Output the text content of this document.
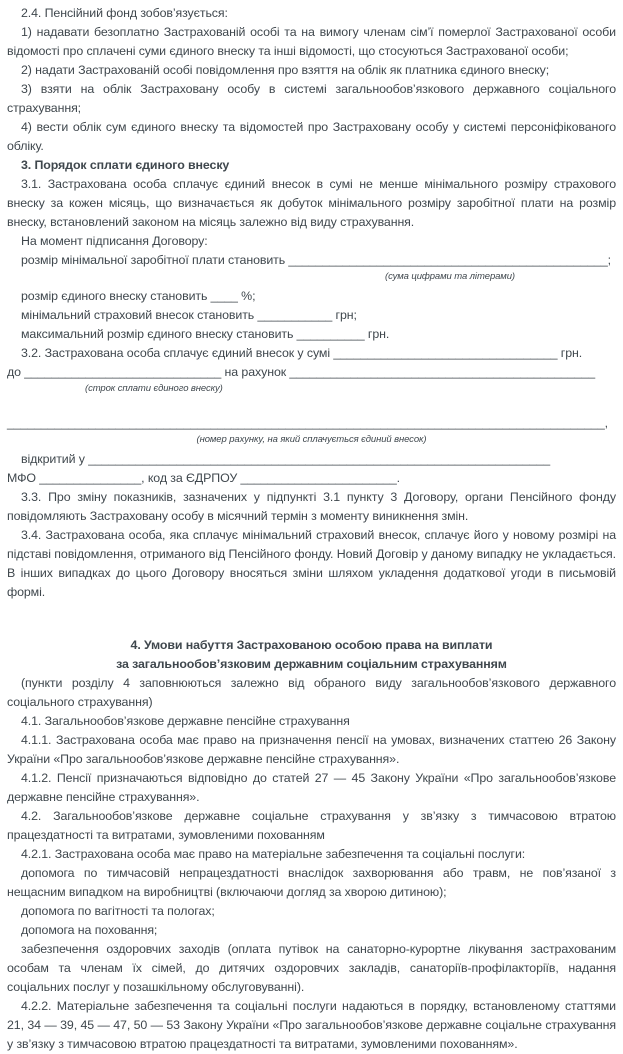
2.4. Пенсійний фонд зобов’язується:

1) надавати безоплатно Застрахованій особі та на вимогу членам сім’ї померлої Застрахованої особи відомості про сплачені суми єдиного внеску та інші відомості, що стосуються Застрахованої особи;

2) надати Застрахованій особі повідомлення про взяття на облік як платника єдиного внеску;

3) взяти на облік Застраховану особу в системі загальнообов’язкового державного соціального страхування;

4) вести облік сум єдиного внеску та відомостей про Застраховану особу у системі персоніфікованого обліку.

3. Порядок сплати єдиного внеску

3.1. Застрахована особа сплачує єдиний внесок в сумі не менше мінімального розміру страхового внеску за кожен місяць, що визначається як добуток мінімального розміру заробітної плати на розмір внеску, встановлений законом на місяць залежно від виду страхування.

На момент підписання Договору:

розмір мінімальної заробітної плати становить _______________________________________________;

(сума цифрами та літерами)

розмір єдиного внеску становить ____ %;

мінімальний страховий внесок становить ___________ грн;

максимальний розмір єдиного внеску становить __________ грн.

3.2. Застрахована особа сплачує єдиний внесок у сумі _________________________________ грн.

до _____________________________ на рахунок _____________________________________________

(строк сплати єдиного внеску)

________________________________________________________________________________________,

(номер рахунку, на який сплачується єдиний внесок)

відкритий у ____________________________________________________________________

МФО _______________, код за ЄДРПОУ _______________________.

3.3. Про зміну показників, зазначених у підпункті 3.1 пункту 3 Договору, органи Пенсійного фонду повідомляють Застраховану особу в місячний термін з моменту виникнення змін.

3.4. Застрахована особа, яка сплачує мінімальний страховий внесок, сплачує його у новому розмірі на підставі повідомлення, отриманого від Пенсійного фонду. Новий Договір у даному випадку не укладається. В інших випадках до цього Договору вносяться зміни шляхом укладення додаткової угоди в письмовій формі.

4. Умови набуття Застрахованою особою права на виплати

за загальнообов’язковим державним соціальним страхуванням

(пункти розділу 4 заповнюються залежно від обраного виду загальнообов’язкового державного соціального страхування)

4.1. Загальнообов’язкове державне пенсійне страхування

4.1.1. Застрахована особа має право на призначення пенсії на умовах, визначених статтею 26 Закону України «Про загальнообов’язкове державне пенсійне страхування».

4.1.2. Пенсії призначаються відповідно до статей 27 — 45 Закону України «Про загальнообов’язкове державне пенсійне страхування».

4.2. Загальнообов’язкове державне соціальне страхування у зв’язку з тимчасовою втратою працездатності та витратами, зумовленими похованням

4.2.1. Застрахована особа має право на матеріальне забезпечення та соціальні послуги:

допомога по тимчасовій непрацездатності внаслідок захворювання або травм, не пов’язаної з нещасним випадком на виробництві (включаючи догляд за хворою дитиною);

допомога по вагітності та пологах;

допомога на поховання;

забезпечення оздоровчих заходів (оплата путівок на санаторно-курортне лікування застрахованим особам та членам їх сімей, до дитячих оздоровчих закладів, санаторіїв-профілакторіїв, надання соціальних послуг у позашкільному обслуговуванні).

4.2.2. Матеріальне забезпечення та соціальні послуги надаються в порядку, встановленому статтями 21, 34 — 39, 45 — 47, 50 — 53 Закону України «Про загальнообов’язкове державне соціальне страхування у зв’язку з тимчасовою втратою працездатності та витратами, зумовленими похованням».
